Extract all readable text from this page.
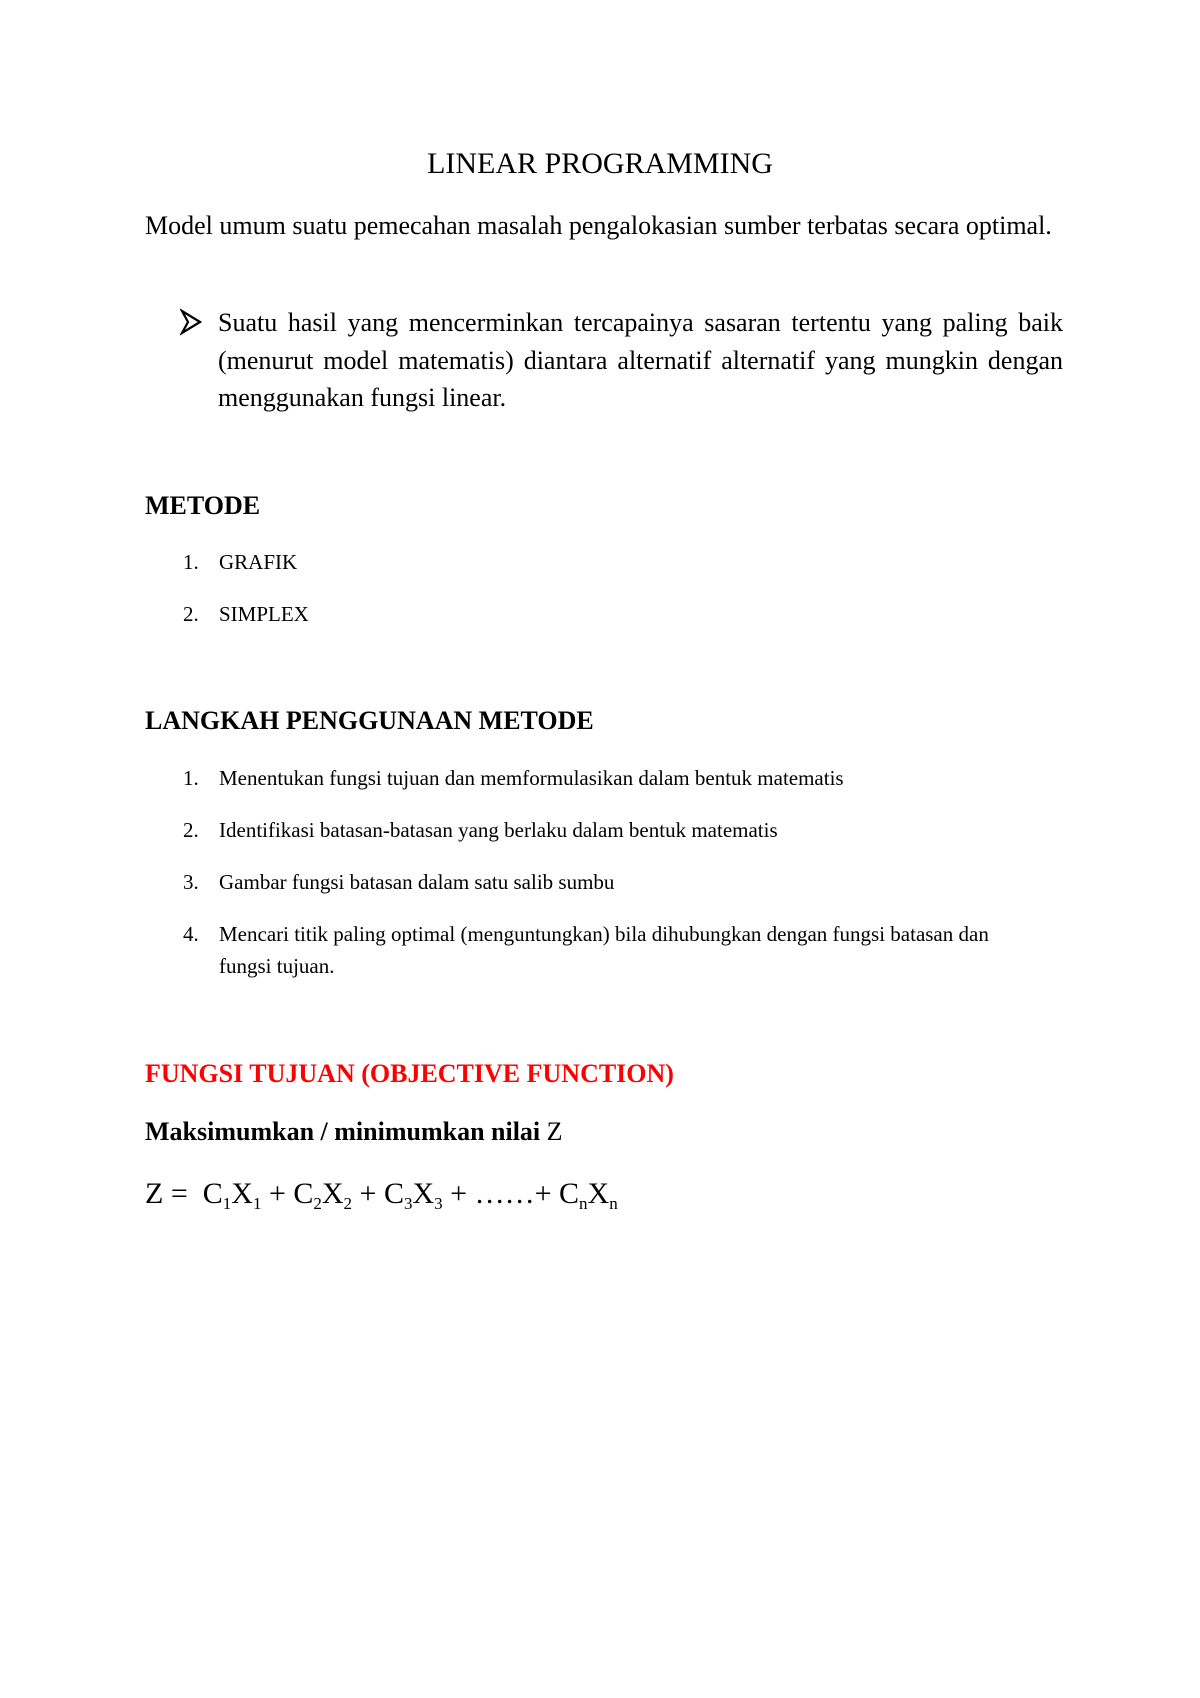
LINEAR PROGRAMMING
Model umum suatu pemecahan masalah pengalokasian sumber terbatas secara optimal.
Suatu hasil yang mencerminkan tercapainya sasaran tertentu yang paling baik (menurut model matematis) diantara alternatif alternatif yang mungkin dengan menggunakan fungsi linear.
METODE
1. GRAFIK
2. SIMPLEX
LANGKAH PENGGUNAAN METODE
1. Menentukan fungsi tujuan dan memformulasikan dalam bentuk matematis
2. Identifikasi batasan-batasan yang berlaku dalam bentuk matematis
3. Gambar fungsi batasan dalam satu salib sumbu
4. Mencari titik paling optimal (menguntungkan) bila dihubungkan dengan fungsi batasan dan fungsi tujuan.
FUNGSI TUJUAN (OBJECTIVE FUNCTION)
Maksimumkan / minimumkan nilai Z
$Z = C_1X_1 + C_2X_2 + C_3X_3$ + ……+ $C_nX_n$
